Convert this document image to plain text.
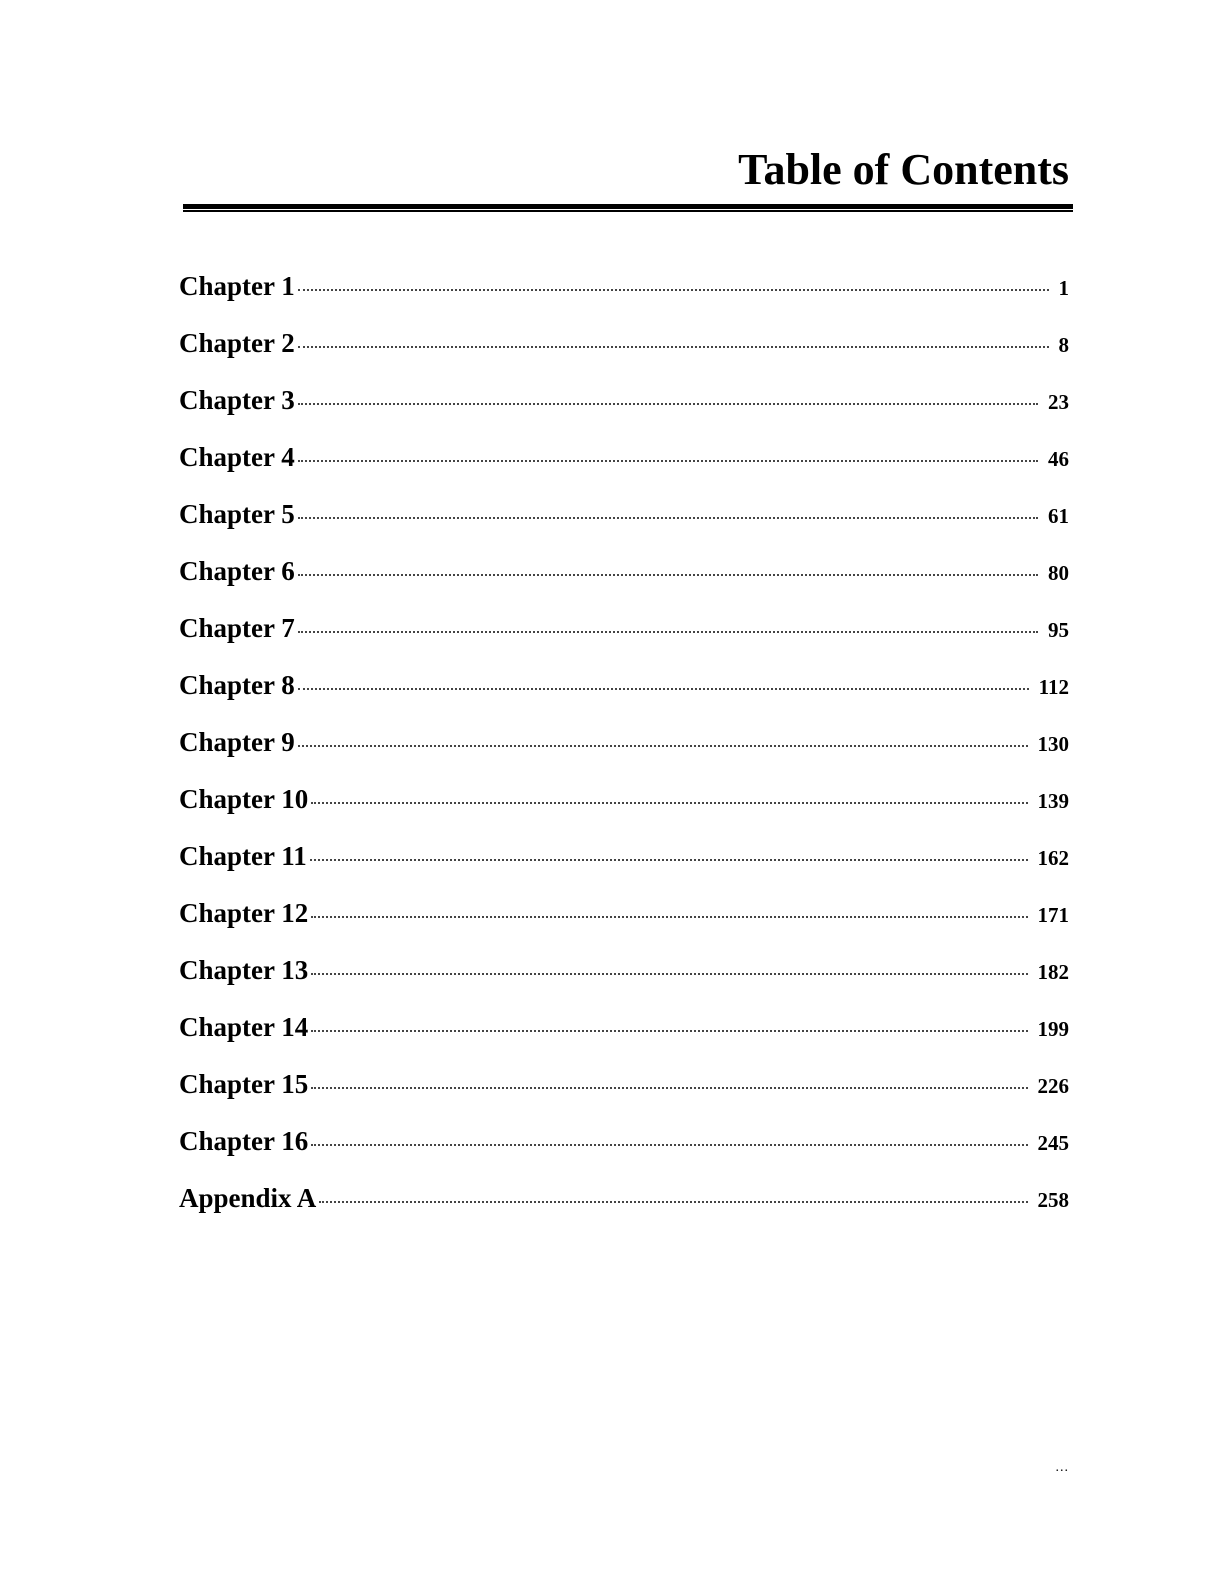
Table of Contents
Chapter 1	1
Chapter 2	8
Chapter 3	23
Chapter 4	46
Chapter 5	61
Chapter 6	80
Chapter 7	95
Chapter 8	112
Chapter 9	130
Chapter 10	139
Chapter 11	162
Chapter 12	171
Chapter 13	182
Chapter 14	199
Chapter 15	226
Chapter 16	245
Appendix A	258
...
